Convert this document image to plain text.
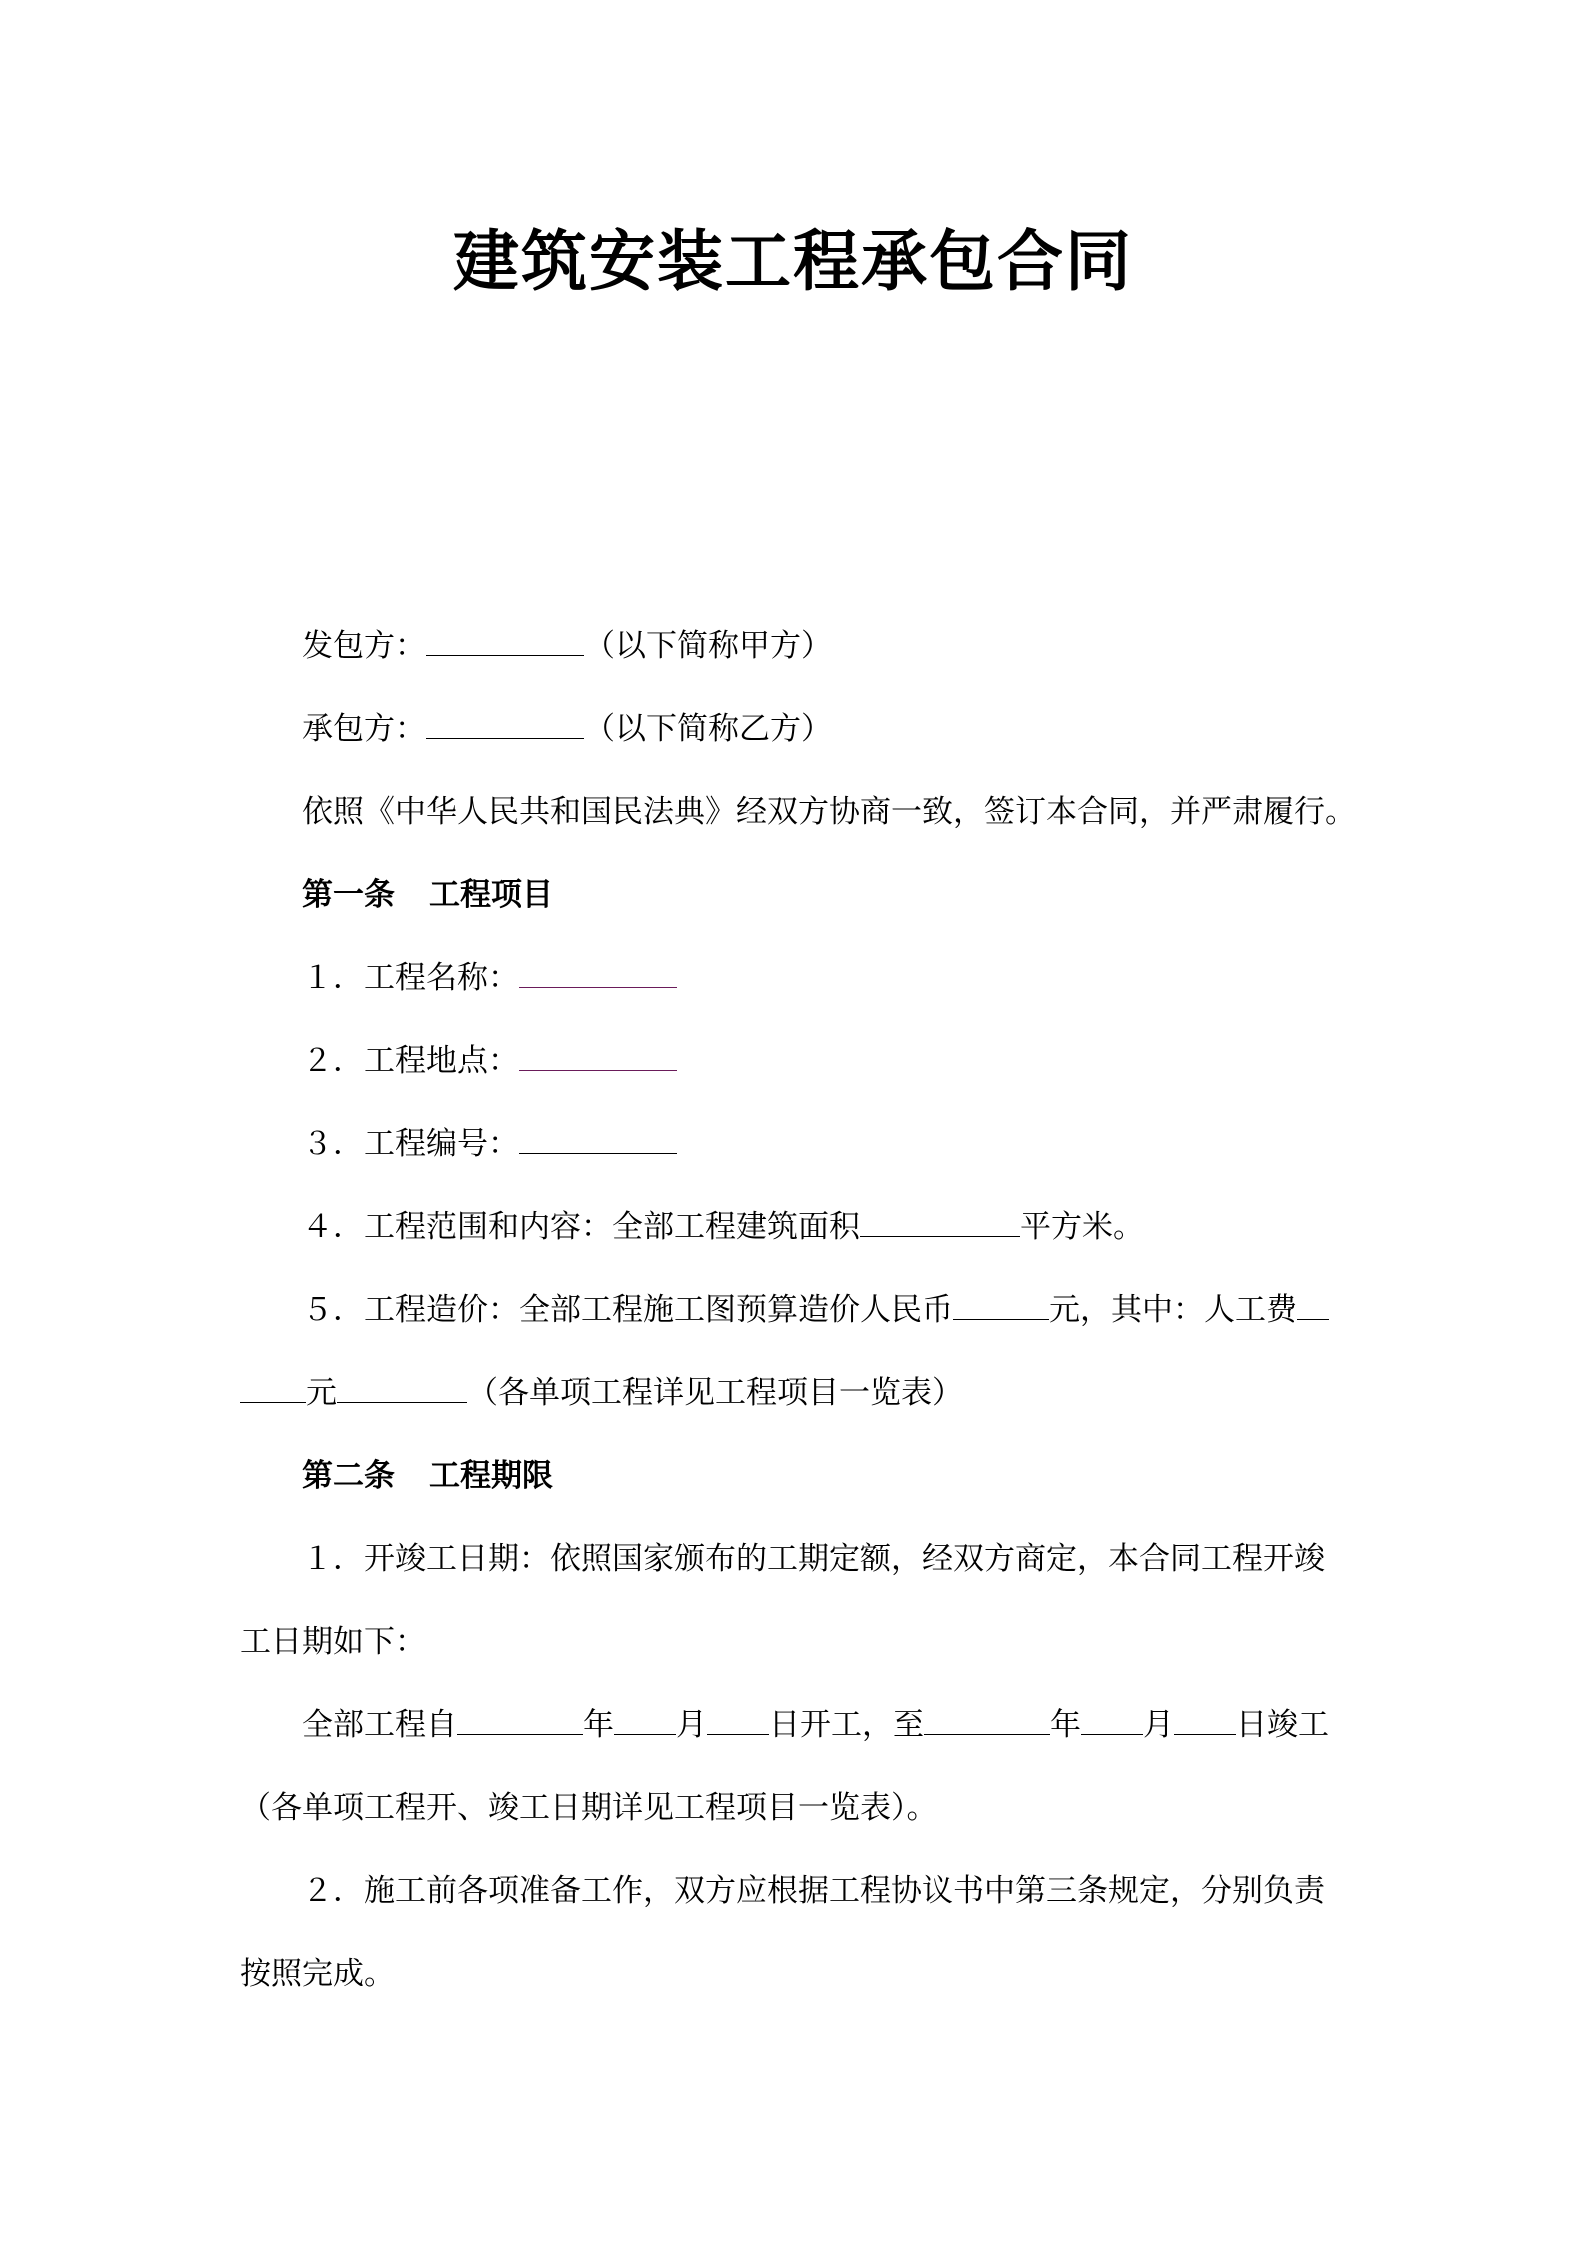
建筑安装工程承包合同
发包方：	（以下简称甲方）
承包方：	（以下简称乙方）
依照《中华人民共和国民法典》经双方协商一致，签订本合同，并严肃履行。
第一条 工程项目
１．工程名称：
２．工程地点：
３．工程编号：
４．工程范围和内容：全部工程建筑面积	平方米。
５．工程造价：全部工程施工图预算造价人民币	元，其中：人工费
元	（各单项工程详见工程项目一览表）
第二条 工程期限
１．开竣工日期：依照国家颁布的工期定额，经双方商定，本合同工程开竣
工日期如下：
全部工程自	年 月 日开工，至	年 月 日竣工
（各单项工程开、竣工日期详见工程项目一览表）。
２．施工前各项准备工作，双方应根据工程协议书中第三条规定，分别负责
按照完成。
